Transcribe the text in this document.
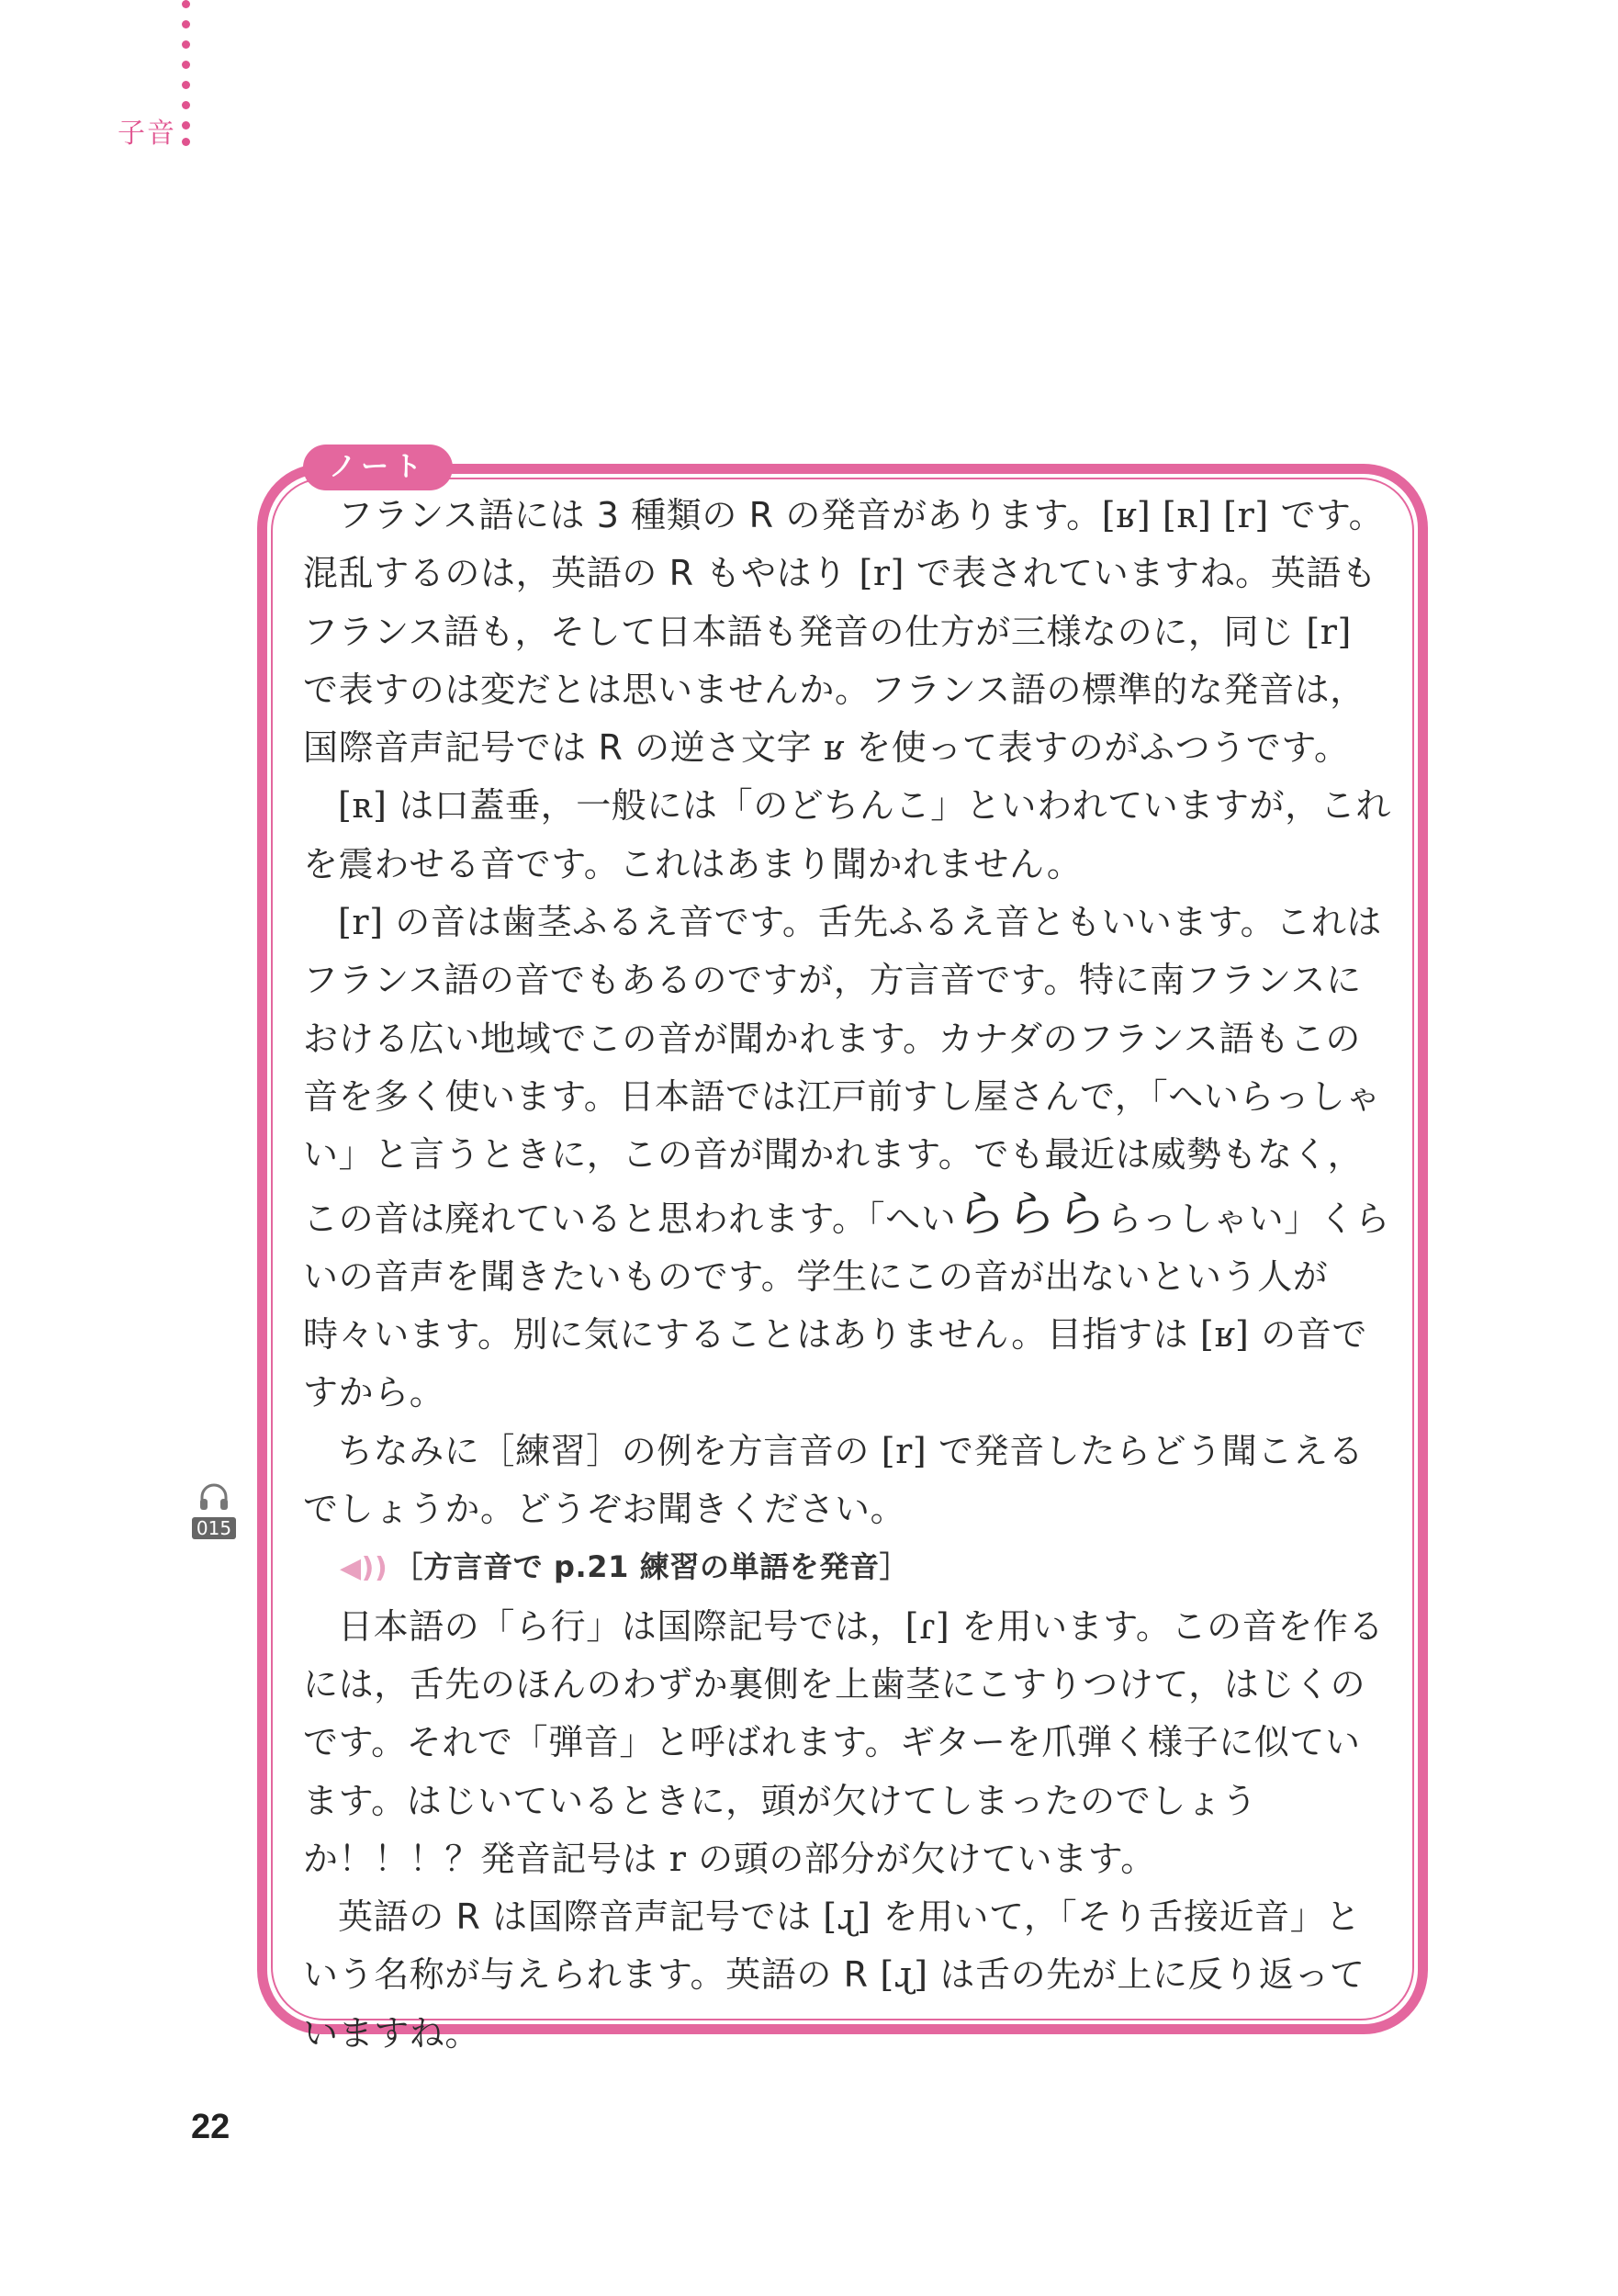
子音
ノート

フランス語には 3 種類の R の発音があります。[ʁ] [ʀ] [r] です。混乱するのは，英語の R もやはり [r] で表されていますね。英語もフランス語も，そして日本語も発音の仕方が三様なのに，同じ [r] で表すのは変だとは思いませんか。フランス語の標準的な発音は，国際音声記号では R の逆さ文字 ʁ を使って表すのがふつうです。

[ʀ] は口蓋垂，一般には「のどちんこ」といわれていますが，これを震わせる音です。これはあまり聞かれません。

[r] の音は歯茎ふるえ音です。舌先ふるえ音ともいいます。これはフランス語の音でもあるのですが，方言音です。特に南フランスにおける広い地域でこの音が聞かれます。カナダのフランス語もこの音を多く使います。日本語では江戸前すし屋さんで，「へいらっしゃい」と言うときに，この音が聞かれます。でも最近は威勢もなく，この音は廃れていると思われます。「へいららららっしゃい」くらいの音声を聞きたいものです。学生にこの音が出ないという人が時々います。別に気にすることはありません。目指すは [ʁ] の音ですから。

ちなみに［練習］の例を方言音の [r] で発音したらどう聞こえるでしょうか。どうぞお聞きください。

◀)) ［方言音で p.21 練習の単語を発音］

日本語の「ら行」は国際記号では，[ɾ] を用います。この音を作るには，舌先のほんのわずか裏側を上歯茎にこすりつけて，はじくのです。それで「弾音」と呼ばれます。ギターを爪弾く様子に似ています。はじいているときに，頭が欠けてしまったのでしょうか！！！？発音記号は r の頭の部分が欠けています。

英語の R は国際音声記号では [ɻ] を用いて，「そり舌接近音」という名称が与えられます。英語の R [ɻ] は舌の先が上に反り返っていますね。

015
22
